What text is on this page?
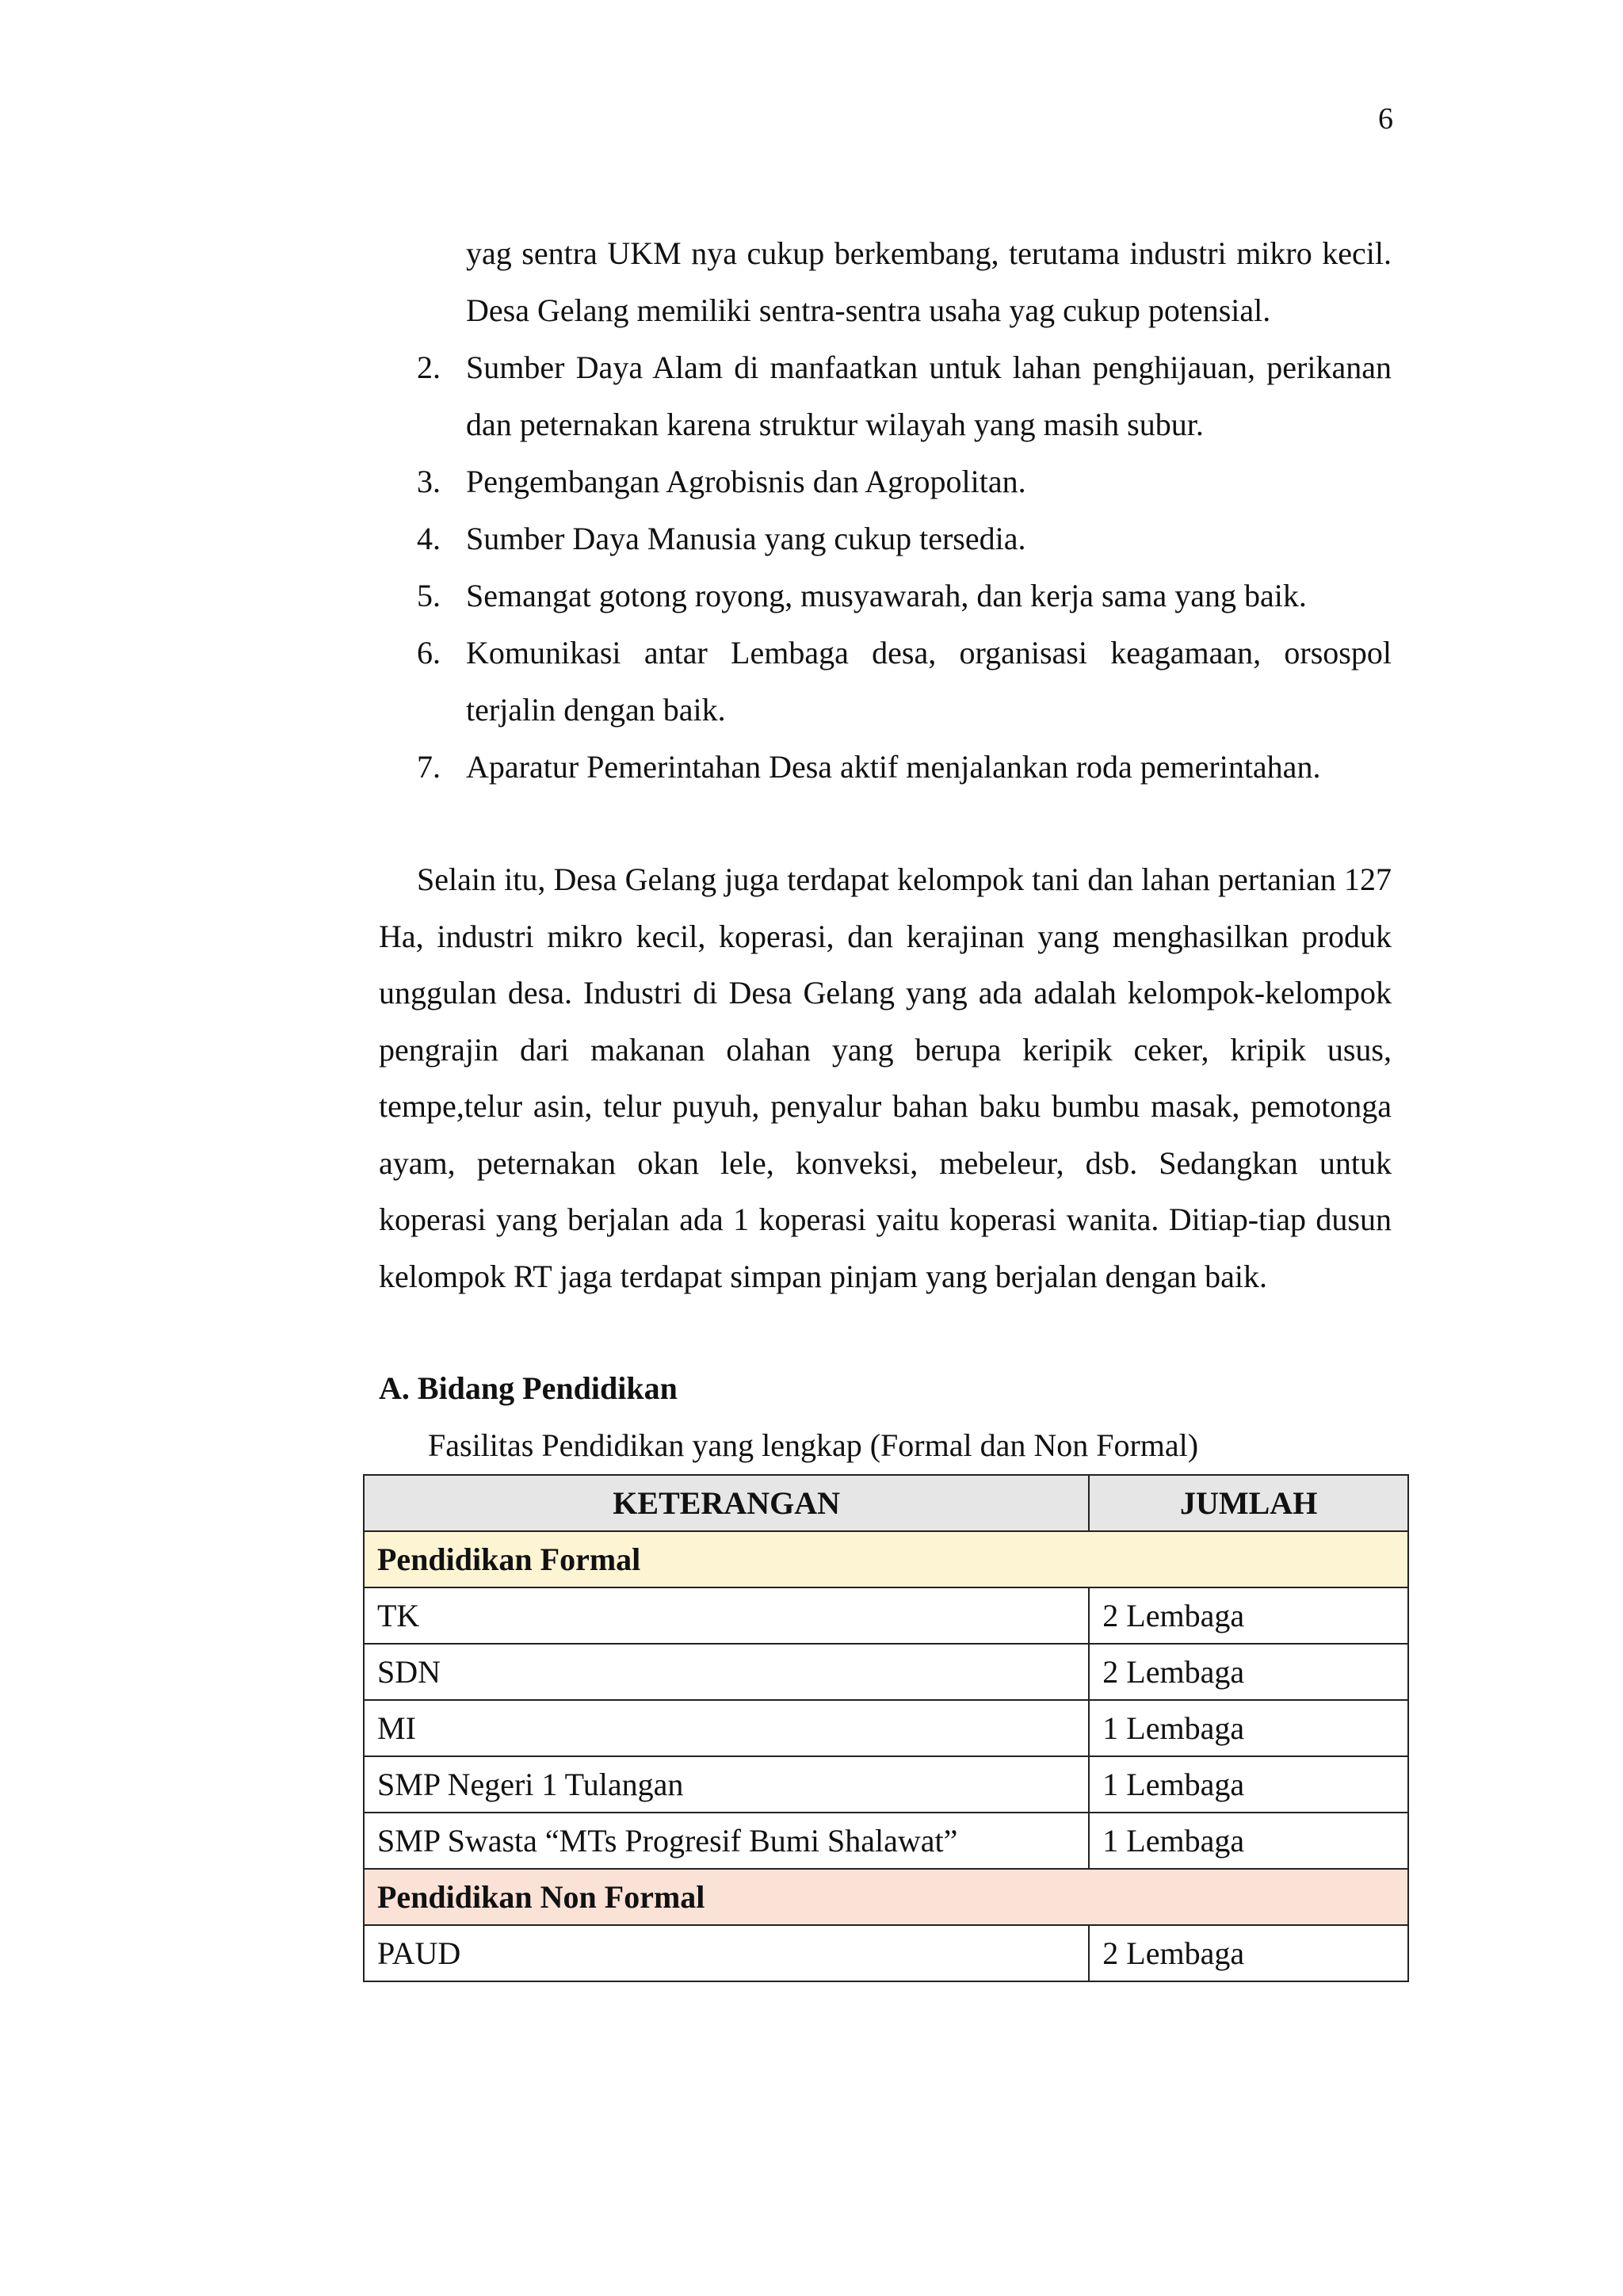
6

yag sentra UKM nya cukup berkembang, terutama industri mikro kecil. Desa Gelang memiliki sentra-sentra usaha yag cukup potensial.

2. Sumber Daya Alam di manfaatkan untuk lahan penghijauan, perikanan dan peternakan karena struktur wilayah yang masih subur.
3. Pengembangan Agrobisnis dan Agropolitan.
4. Sumber Daya Manusia yang cukup tersedia.
5. Semangat gotong royong, musyawarah, dan kerja sama yang baik.
6. Komunikasi antar Lembaga desa, organisasi keagamaan, orsospol terjalin dengan baik.
7. Aparatur Pemerintahan Desa aktif menjalankan roda pemerintahan.

Selain itu, Desa Gelang juga terdapat kelompok tani dan lahan pertanian 127 Ha, industri mikro kecil, koperasi, dan kerajinan yang menghasilkan produk unggulan desa. Industri di Desa Gelang yang ada adalah kelompok-kelompok pengrajin dari makanan olahan yang berupa keripik ceker, kripik usus, tempe,telur asin, telur puyuh, penyalur bahan baku bumbu masak, pemotonga ayam, peternakan okan lele, konveksi, mebeleur, dsb. Sedangkan untuk koperasi yang berjalan ada 1 koperasi yaitu koperasi wanita. Ditiap-tiap dusun kelompok RT jaga terdapat simpan pinjam yang berjalan dengan baik.

A. Bidang Pendidikan
Fasilitas Pendidikan yang lengkap (Formal dan Non Formal)
KETERANGAN	JUMLAH
Pendidikan Formal	
TK	2 Lembaga
SDN	2 Lembaga
MI	1 Lembaga
SMP Negeri 1 Tulangan	1 Lembaga
SMP Swasta “MTs Progresif Bumi Shalawat”	1 Lembaga
Pendidikan Non Formal	
PAUD	2 Lembaga
